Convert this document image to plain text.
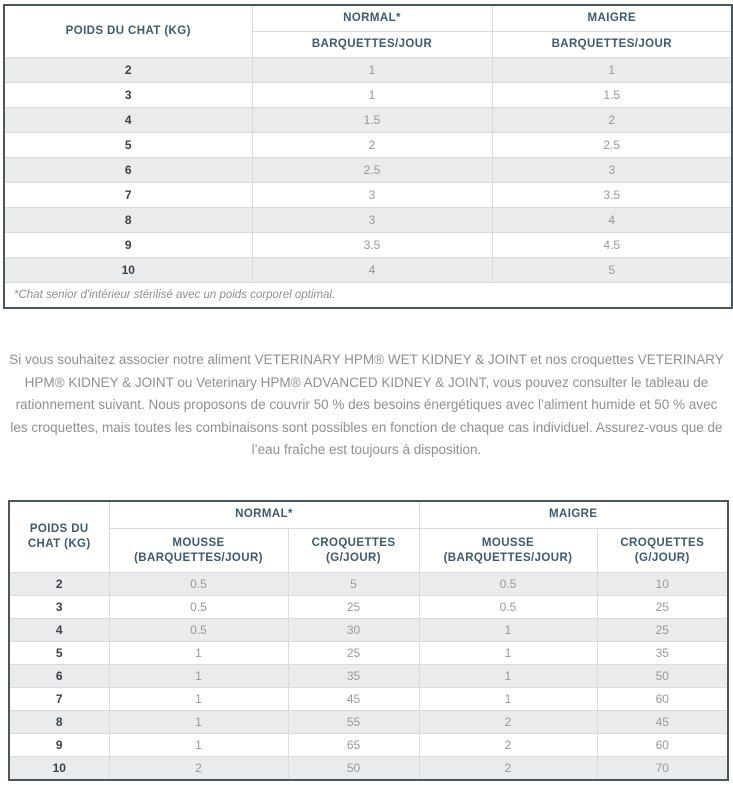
POIDS DU CHAT (KG)	NORMAL*	MAIGRE
	BARQUETTES/JOUR	BARQUETTES/JOUR
2	1	1
3	1	1.5
4	1.5	2
5	2	2.5
6	2.5	3
7	3	3.5
8	3	4
9	3.5	4.5
10	4	5
*Chat senior d'intérieur stérilisé avec un poids corporel optimal.		

Si vous souhaitez associer notre aliment VETERINARY HPM® WET KIDNEY & JOINT et nos croquettes VETERINARY HPM® KIDNEY & JOINT ou Veterinary HPM® ADVANCED KIDNEY & JOINT, vous pouvez consulter le tableau de rationnement suivant. Nous proposons de couvrir 50 % des besoins énergétiques avec l’aliment humide et 50 % avec les croquettes, mais toutes les combinaisons sont possibles en fonction de chaque cas individuel. Assurez-vous que de l’eau fraîche est toujours à disposition.

POIDS DU CHAT (KG)	NORMAL*		MAIGRE	
	MOUSSE (BARQUETTES/JOUR)	CROQUETTES (G/JOUR)	MOUSSE (BARQUETTES/JOUR)	CROQUETTES (G/JOUR)
2	0.5	5	0.5	10
3	0.5	25	0.5	25
4	0.5	30	1	25
5	1	25	1	35
6	1	35	1	50
7	1	45	1	60
8	1	55	2	45
9	1	65	2	60
10	2	50	2	70
